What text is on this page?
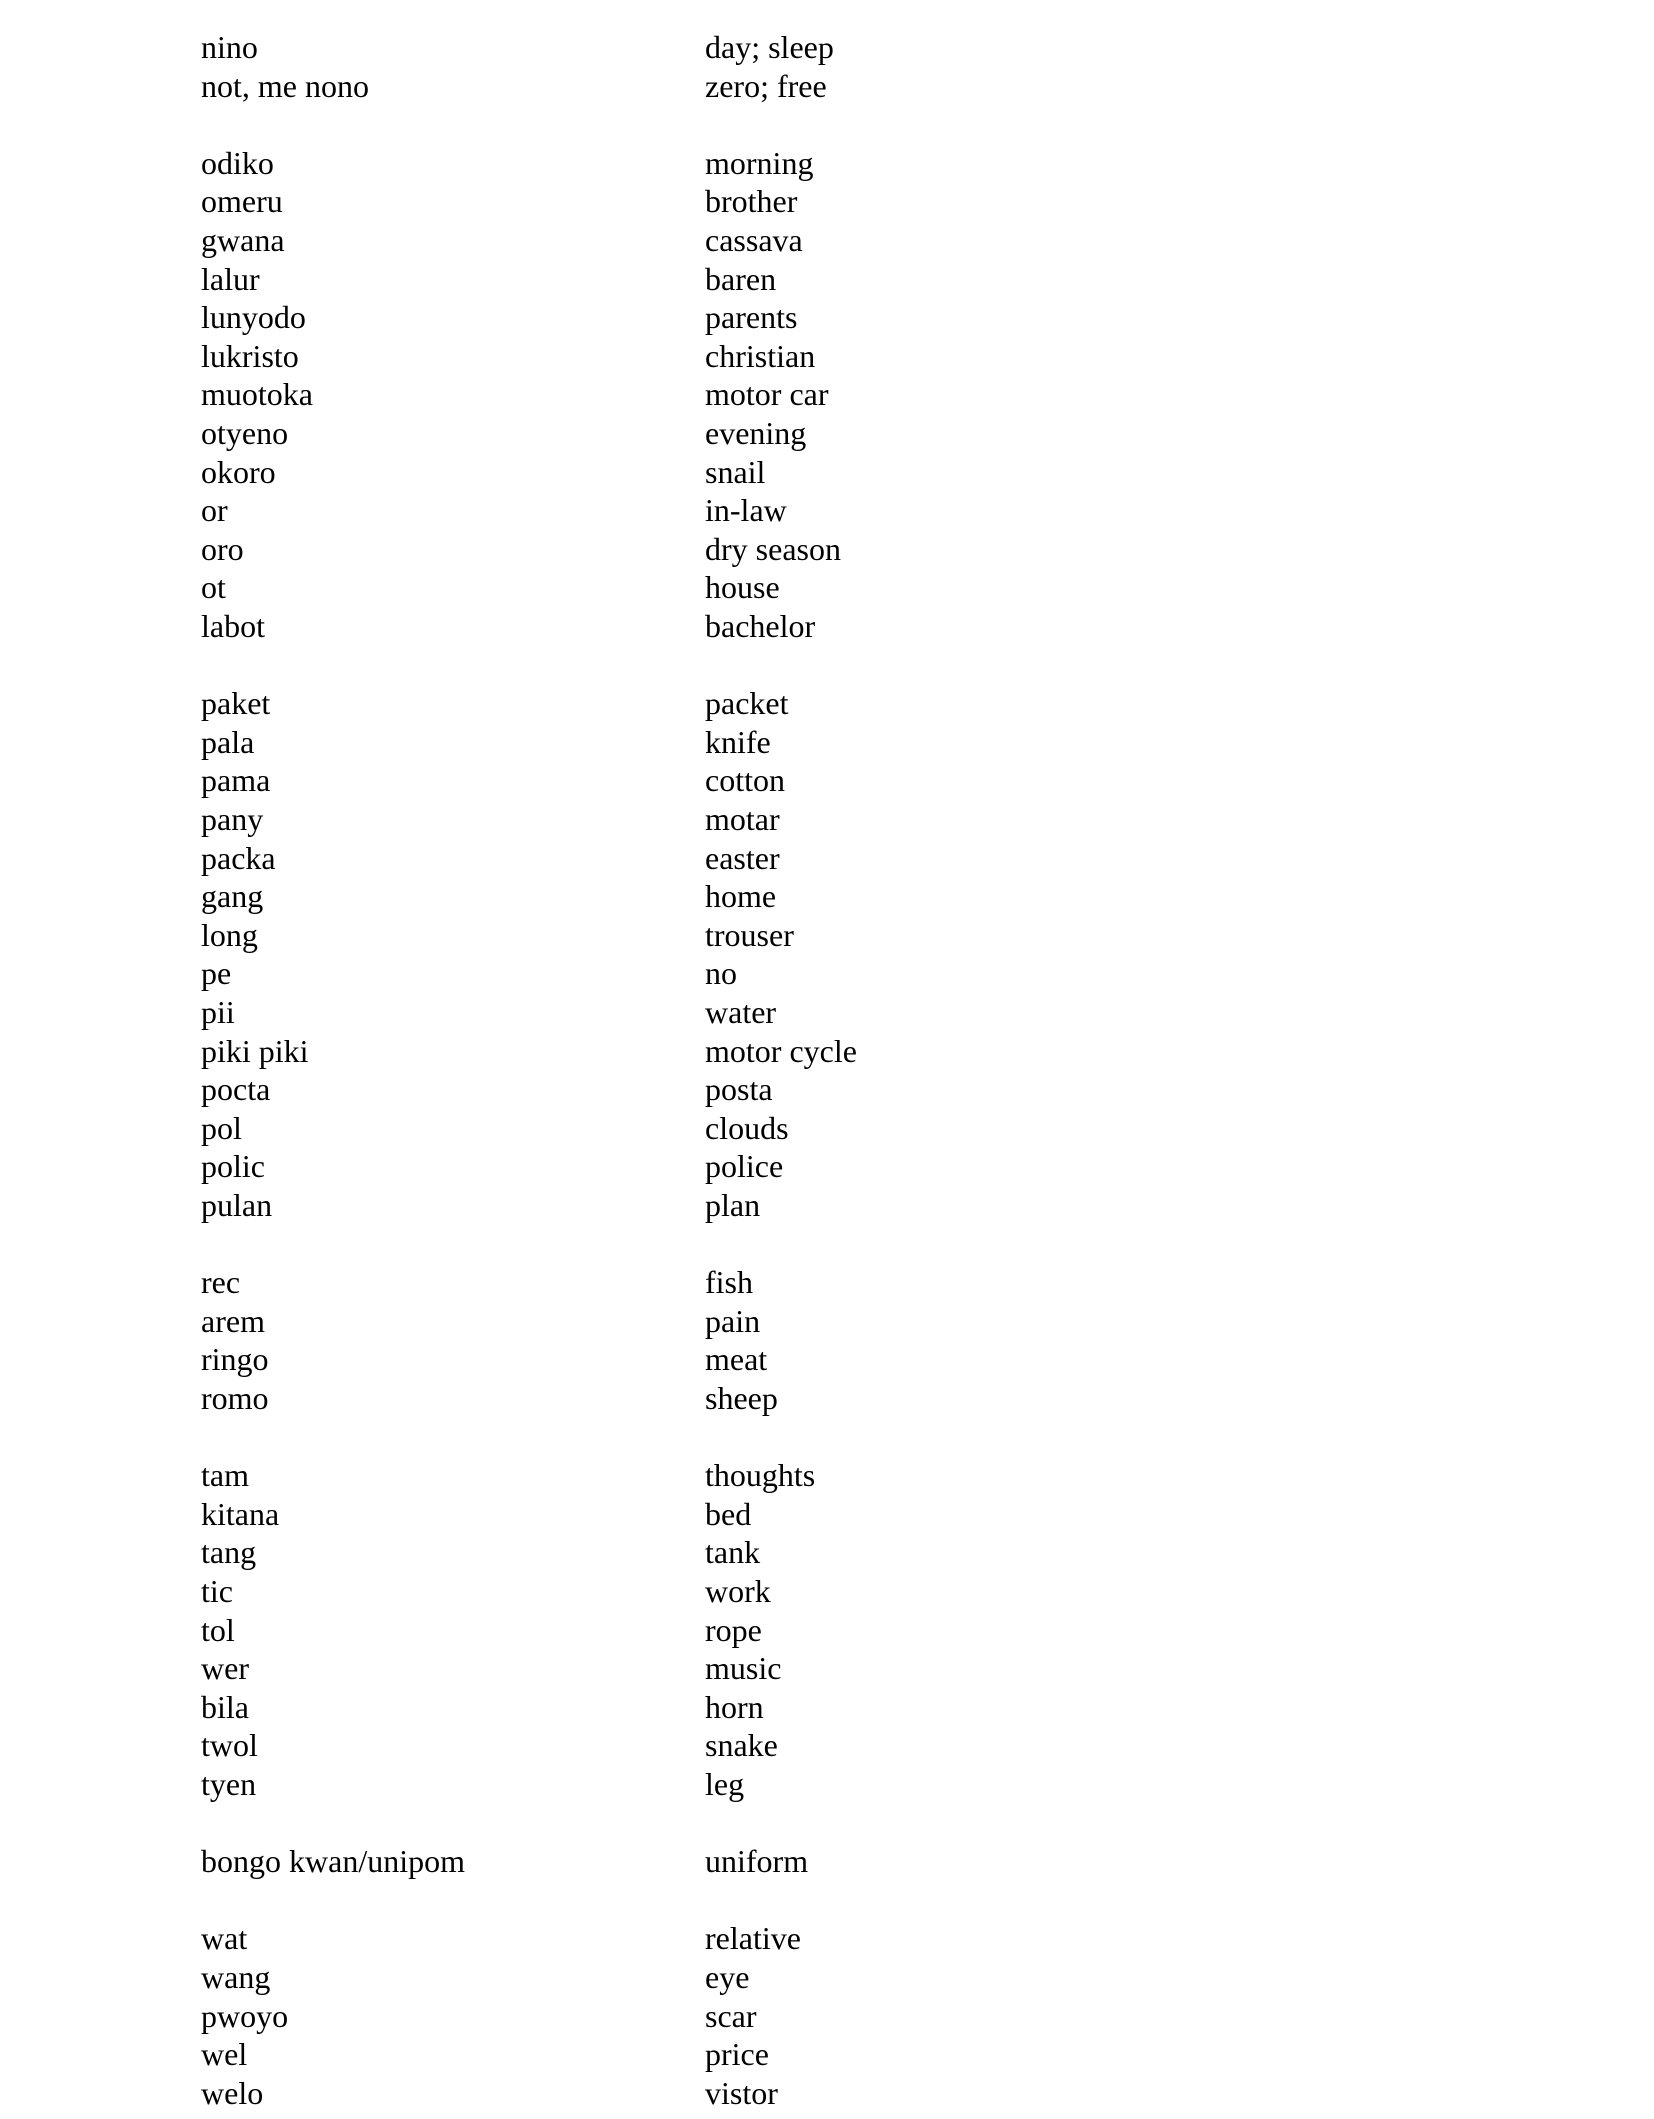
nino	day; sleep
not, me nono	zero; free
odiko	morning
omeru	brother
gwana	cassava
lalur	baren
lunyodo	parents
lukristo	christian
muotoka	motor car
otyeno	evening
okoro	snail
or	in-law
oro	dry season
ot	house
labot	bachelor
paket	packet
pala	knife
pama	cotton
pany	motar
packa	easter
gang	home
long	trouser
pe	no
pii	water
piki piki	motor cycle
pocta	posta
pol	clouds
polic	police
pulan	plan
rec	fish
arem	pain
ringo	meat
romo	sheep
tam	thoughts
kitana	bed
tang	tank
tic	work
tol	rope
wer	music
bila	horn
twol	snake
tyen	leg
bongo kwan/unipom	uniform
wat	relative
wang	eye
pwoyo	scar
wel	price
welo	vistor
